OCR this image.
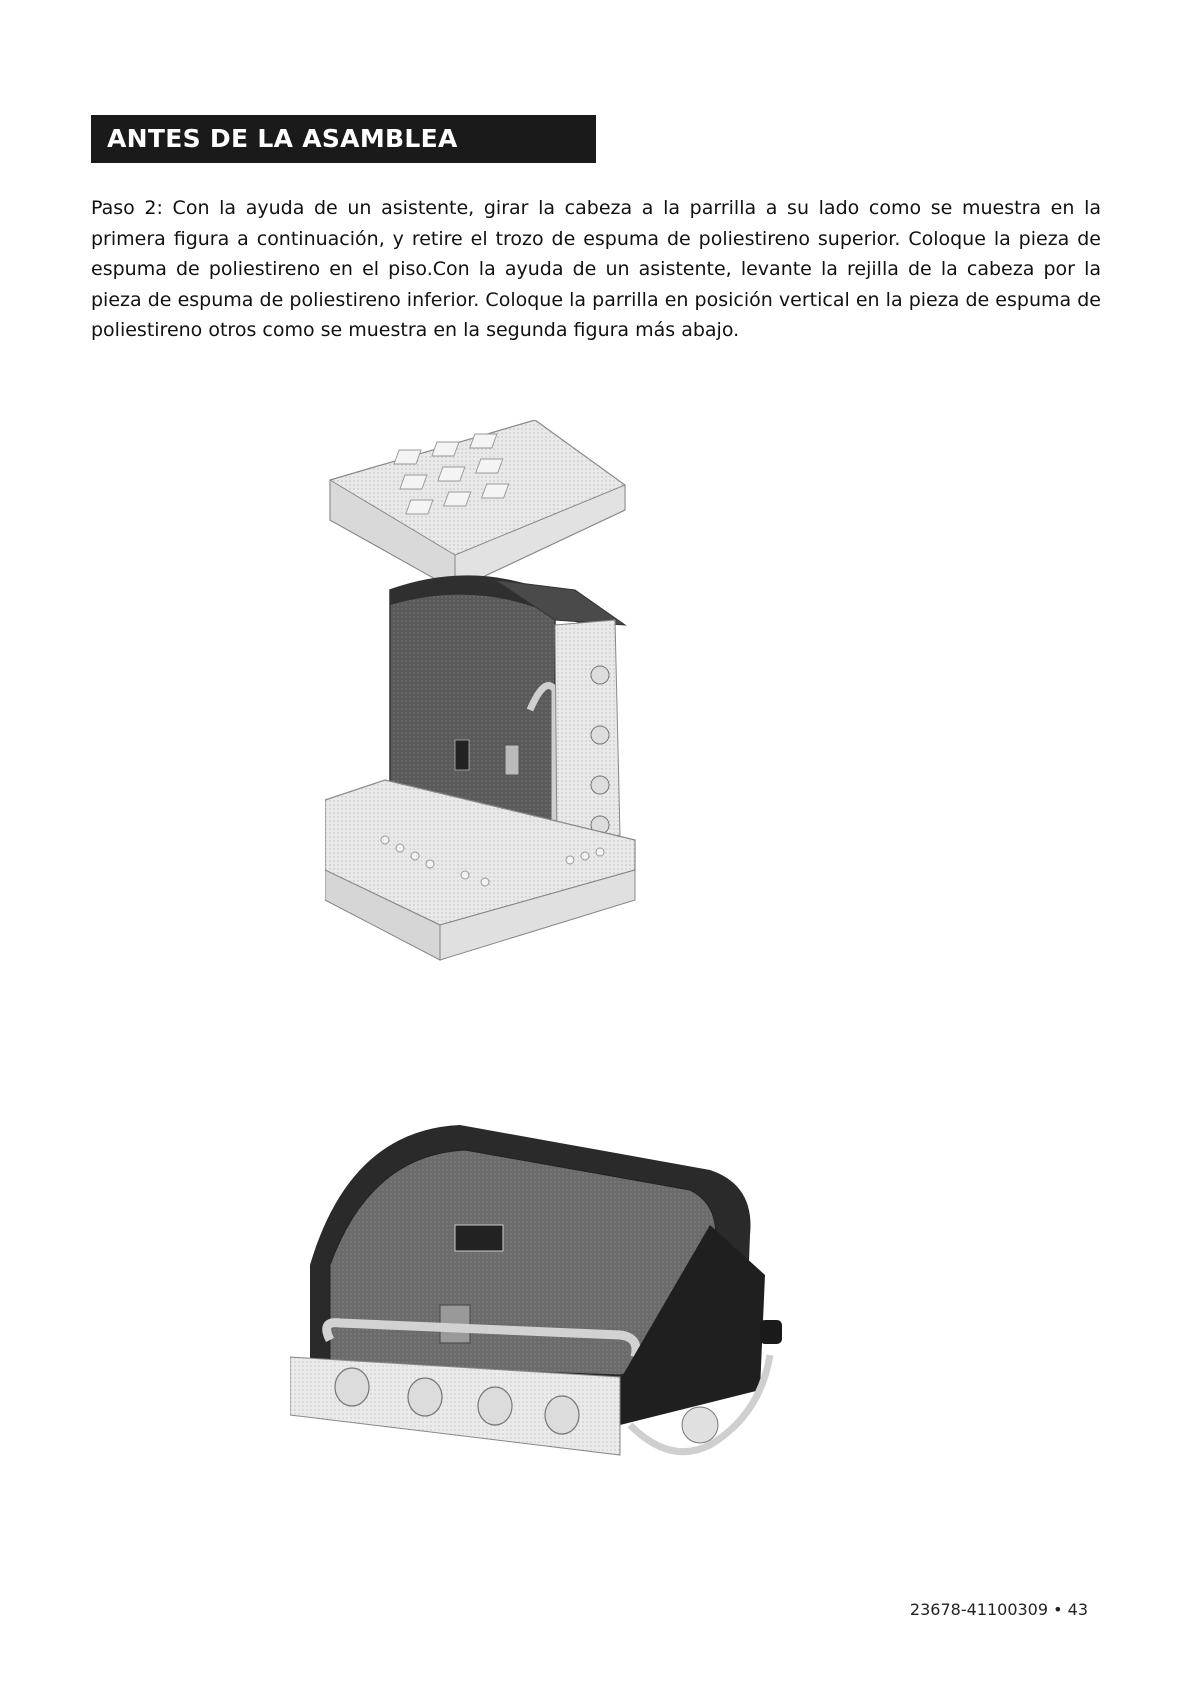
ANTES DE LA ASAMBLEA

Paso 2: Con la ayuda de un asistente, girar la cabeza a la parrilla a su lado como se muestra en la primera figura a continuación, y retire el trozo de espuma de poliestireno superior. Coloque la pieza de espuma de poliestireno en el piso.Con la ayuda de un asistente, levante la rejilla de la cabeza por la pieza de espuma de poliestireno inferior. Coloque la parrilla en posición vertical en la pieza de espuma de poliestireno otros como se muestra en la segunda figura más abajo.

23678-41100309 • 43
